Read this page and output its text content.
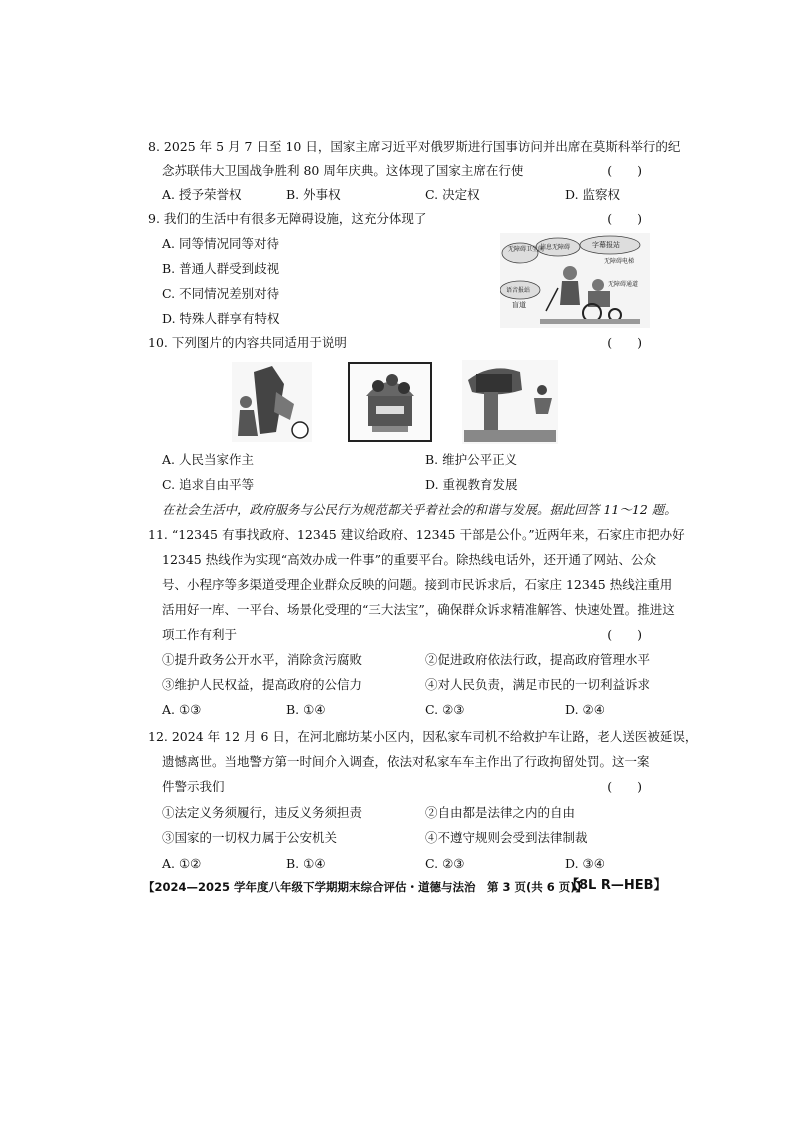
8. 2025 年 5 月 7 日至 10 日，国家主席习近平对俄罗斯进行国事访问并出席在莫斯科举行的纪
念苏联伟大卫国战争胜利 80 周年庆典。这体现了国家主席在行使	(　　)
A. 授予荣誉权	B. 外事权	C. 决定权	D. 监察权
9. 我们的生活中有很多无障碍设施，这充分体现了	(　　)
A. 同等情况同等对待
B. 普通人群受到歧视
C. 不同情况差别对待
D. 特殊人群享有特权
无障碍卫生间
信息无障碍	字幕报站
无障碍电梯
语音报站
无障碍通道
盲道
10. 下列图片的内容共同适用于说明	(　　)
A. 人民当家作主	B. 维护公平正义
C. 追求自由平等	D. 重视教育发展
在社会生活中，政府服务与公民行为规范都关乎着社会的和谐与发展。据此回答 11～12 题。
11. “12345 有事找政府、12345 建议给政府、12345 干部是公仆。”近两年来，石家庄市把办好
12345 热线作为实现“高效办成一件事”的重要平台。除热线电话外，还开通了网站、公众
号、小程序等多渠道受理企业群众反映的问题。接到市民诉求后，石家庄 12345 热线注重用
活用好一库、一平台、场景化受理的“三大法宝”，确保群众诉求精准解答、快速处置。推进这
项工作有利于	(　　)
①提升政务公开水平，消除贪污腐败	②促进政府依法行政，提高政府管理水平
③维护人民权益，提高政府的公信力	④对人民负责，满足市民的一切利益诉求
A. ①③	B. ①④	C. ②③	D. ②④
12. 2024 年 12 月 6 日，在河北廊坊某小区内，因私家车司机不给救护车让路，老人送医被延误，
遗憾离世。当地警方第一时间介入调查，依法对私家车车主作出了行政拘留处罚。这一案
件警示我们	(　　)
①法定义务须履行，违反义务须担责	②自由都是法律之内的自由
③国家的一切权力属于公安机关	④不遵守规则会受到法律制裁
A. ①②	B. ①④	C. ②③	D. ③④
【2024—2025 学年度八年级下学期期末综合评估・道德与法治　第 3 页(共 6 页)】
【8L R—HEB】
